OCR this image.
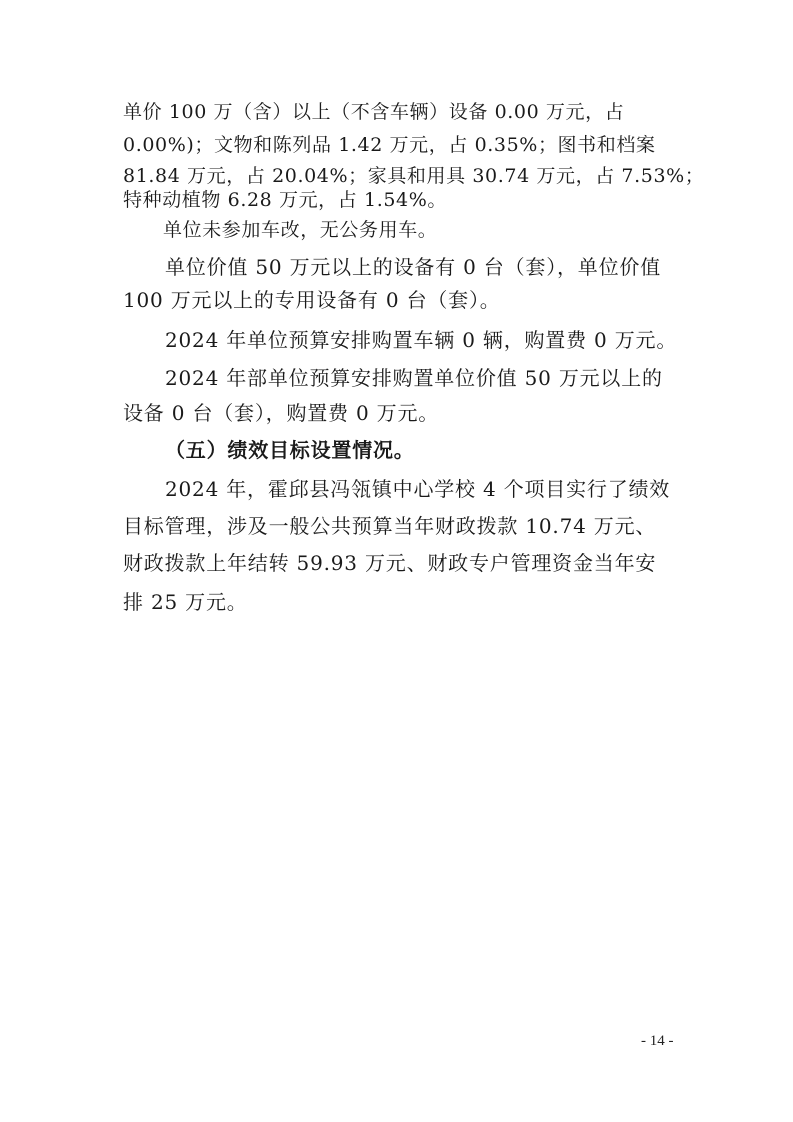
单价 100 万（含）以上（不含车辆）设备 0.00 万元，占
0.00%)；文物和陈列品 1.42 万元，占 0.35%；图书和档案
81.84 万元，占 20.04%；家具和用具 30.74 万元，占 7.53%；
特种动植物 6.28 万元，占 1.54%。
单位未参加车改，无公务用车。
单位价值 50 万元以上的设备有 0 台（套），单位价值
100 万元以上的专用设备有 0 台（套）。
2024 年单位预算安排购置车辆 0 辆，购置费 0 万元。
2024 年部单位预算安排购置单位价值 50 万元以上的
设备 0 台（套），购置费 0 万元。
（五）绩效目标设置情况。
2024 年，霍邱县冯瓴镇中心学校 4 个项目实行了绩效
目标管理，涉及一般公共预算当年财政拨款 10.74 万元、
财政拨款上年结转 59.93 万元、财政专户管理资金当年安
排 25 万元。
- 14 -
